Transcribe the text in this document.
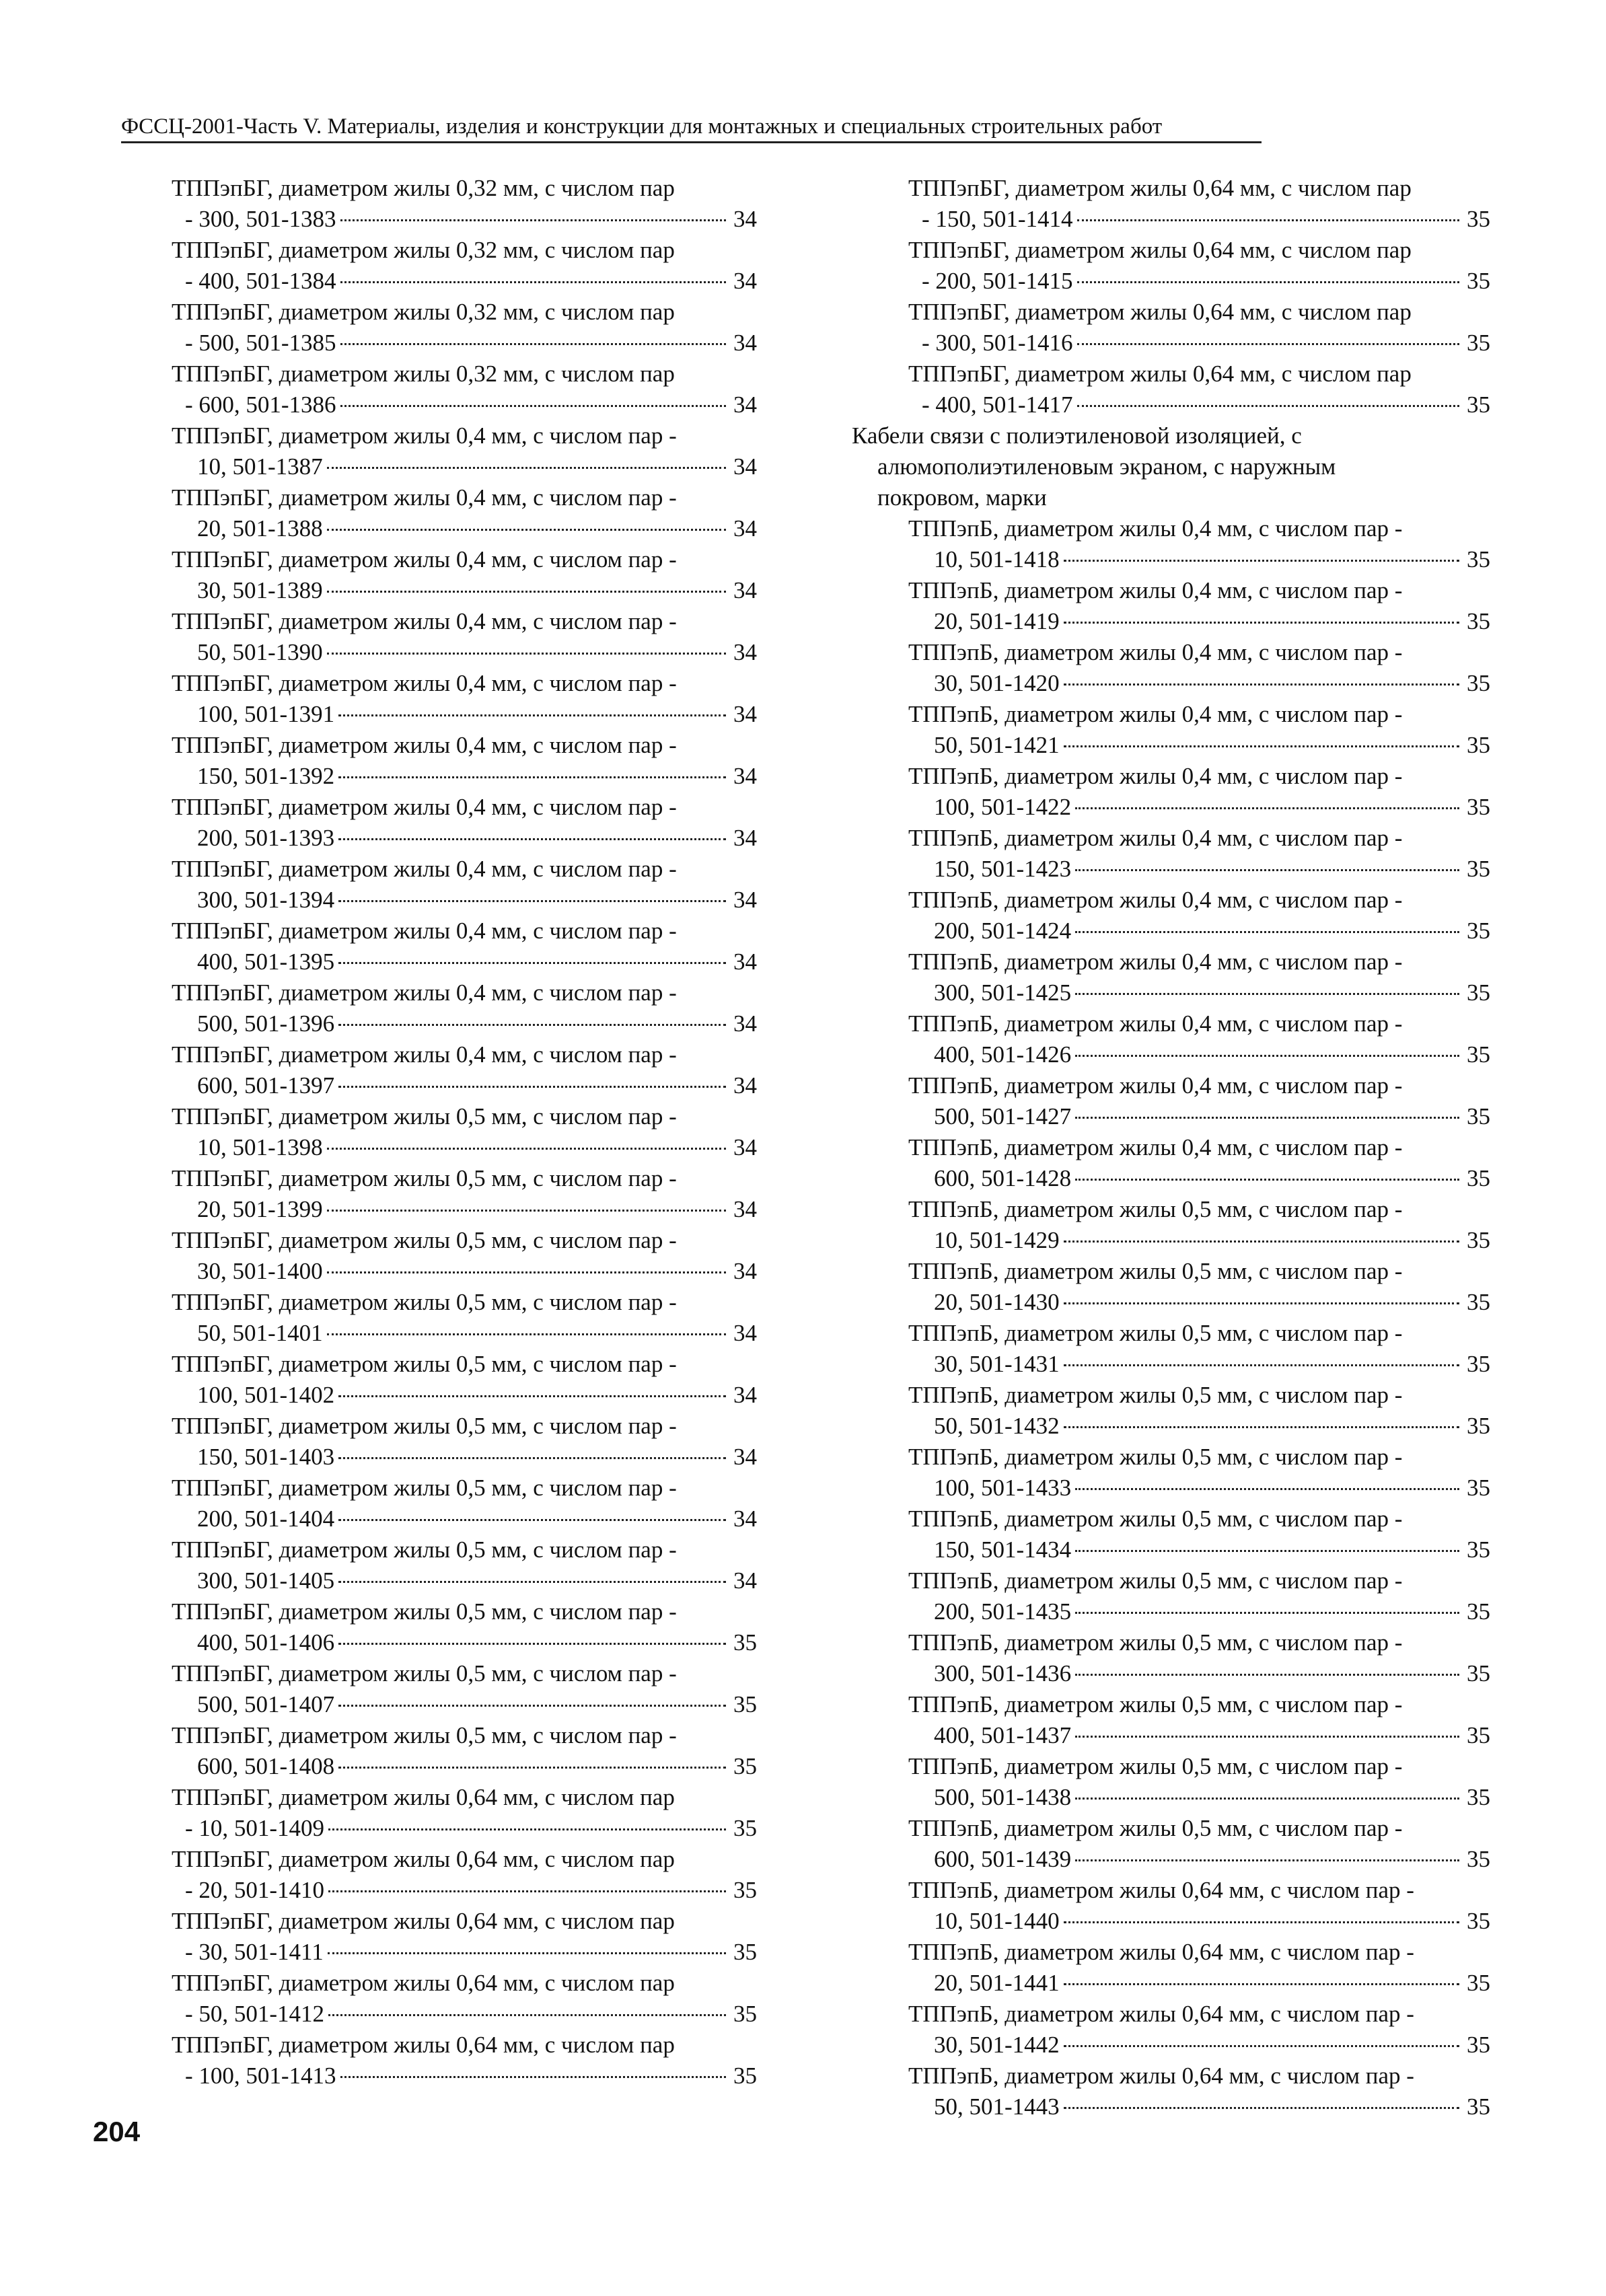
ФССЦ-2001-Часть V. Материалы, изделия и конструкции для монтажных и специальных строительных работ
ТППэпБГ, диаметром жилы 0,32 мм, с числом пар
- 300, 501-1383	34
ТППэпБГ, диаметром жилы 0,32 мм, с числом пар
- 400, 501-1384	34
ТППэпБГ, диаметром жилы 0,32 мм, с числом пар
- 500, 501-1385	34
ТППэпБГ, диаметром жилы 0,32 мм, с числом пар
- 600, 501-1386	34
ТППэпБГ, диаметром жилы 0,4 мм, с числом пар -
10, 501-1387	34
ТППэпБГ, диаметром жилы 0,4 мм, с числом пар -
20, 501-1388	34
ТППэпБГ, диаметром жилы 0,4 мм, с числом пар -
30, 501-1389	34
ТППэпБГ, диаметром жилы 0,4 мм, с числом пар -
50, 501-1390	34
ТППэпБГ, диаметром жилы 0,4 мм, с числом пар -
100, 501-1391	34
ТППэпБГ, диаметром жилы 0,4 мм, с числом пар -
150, 501-1392	34
ТППэпБГ, диаметром жилы 0,4 мм, с числом пар -
200, 501-1393	34
ТППэпБГ, диаметром жилы 0,4 мм, с числом пар -
300, 501-1394	34
ТППэпБГ, диаметром жилы 0,4 мм, с числом пар -
400, 501-1395	34
ТППэпБГ, диаметром жилы 0,4 мм, с числом пар -
500, 501-1396	34
ТППэпБГ, диаметром жилы 0,4 мм, с числом пар -
600, 501-1397	34
ТППэпБГ, диаметром жилы 0,5 мм, с числом пар -
10, 501-1398	34
ТППэпБГ, диаметром жилы 0,5 мм, с числом пар -
20, 501-1399	34
ТППэпБГ, диаметром жилы 0,5 мм, с числом пар -
30, 501-1400	34
ТППэпБГ, диаметром жилы 0,5 мм, с числом пар -
50, 501-1401	34
ТППэпБГ, диаметром жилы 0,5 мм, с числом пар -
100, 501-1402	34
ТППэпБГ, диаметром жилы 0,5 мм, с числом пар -
150, 501-1403	34
ТППэпБГ, диаметром жилы 0,5 мм, с числом пар -
200, 501-1404	34
ТППэпБГ, диаметром жилы 0,5 мм, с числом пар -
300, 501-1405	34
ТППэпБГ, диаметром жилы 0,5 мм, с числом пар -
400, 501-1406	35
ТППэпБГ, диаметром жилы 0,5 мм, с числом пар -
500, 501-1407	35
ТППэпБГ, диаметром жилы 0,5 мм, с числом пар -
600, 501-1408	35
ТППэпБГ, диаметром жилы 0,64 мм, с числом пар
- 10, 501-1409	35
ТППэпБГ, диаметром жилы 0,64 мм, с числом пар
- 20, 501-1410	35
ТППэпБГ, диаметром жилы 0,64 мм, с числом пар
- 30, 501-1411	35
ТППэпБГ, диаметром жилы 0,64 мм, с числом пар
- 50, 501-1412	35
ТППэпБГ, диаметром жилы 0,64 мм, с числом пар
- 100, 501-1413	35
ТППэпБГ, диаметром жилы 0,64 мм, с числом пар
- 150, 501-1414	35
ТППэпБГ, диаметром жилы 0,64 мм, с числом пар
- 200, 501-1415	35
ТППэпБГ, диаметром жилы 0,64 мм, с числом пар
- 300, 501-1416	35
ТППэпБГ, диаметром жилы 0,64 мм, с числом пар
- 400, 501-1417	35
Кабели связи с полиэтиленовой изоляцией, с
алюмополиэтиленовым экраном, с наружным
покровом, марки
ТППэпБ, диаметром жилы 0,4 мм, с числом пар -
10, 501-1418	35
ТППэпБ, диаметром жилы 0,4 мм, с числом пар -
20, 501-1419	35
ТППэпБ, диаметром жилы 0,4 мм, с числом пар -
30, 501-1420	35
ТППэпБ, диаметром жилы 0,4 мм, с числом пар -
50, 501-1421	35
ТППэпБ, диаметром жилы 0,4 мм, с числом пар -
100, 501-1422	35
ТППэпБ, диаметром жилы 0,4 мм, с числом пар -
150, 501-1423	35
ТППэпБ, диаметром жилы 0,4 мм, с числом пар -
200, 501-1424	35
ТППэпБ, диаметром жилы 0,4 мм, с числом пар -
300, 501-1425	35
ТППэпБ, диаметром жилы 0,4 мм, с числом пар -
400, 501-1426	35
ТППэпБ, диаметром жилы 0,4 мм, с числом пар -
500, 501-1427	35
ТППэпБ, диаметром жилы 0,4 мм, с числом пар -
600, 501-1428	35
ТППэпБ, диаметром жилы 0,5 мм, с числом пар -
10, 501-1429	35
ТППэпБ, диаметром жилы 0,5 мм, с числом пар -
20, 501-1430	35
ТППэпБ, диаметром жилы 0,5 мм, с числом пар -
30, 501-1431	35
ТППэпБ, диаметром жилы 0,5 мм, с числом пар -
50, 501-1432	35
ТППэпБ, диаметром жилы 0,5 мм, с числом пар -
100, 501-1433	35
ТППэпБ, диаметром жилы 0,5 мм, с числом пар -
150, 501-1434	35
ТППэпБ, диаметром жилы 0,5 мм, с числом пар -
200, 501-1435	35
ТППэпБ, диаметром жилы 0,5 мм, с числом пар -
300, 501-1436	35
ТППэпБ, диаметром жилы 0,5 мм, с числом пар -
400, 501-1437	35
ТППэпБ, диаметром жилы 0,5 мм, с числом пар -
500, 501-1438	35
ТППэпБ, диаметром жилы 0,5 мм, с числом пар -
600, 501-1439	35
ТППэпБ, диаметром жилы 0,64 мм, с числом пар -
10, 501-1440	35
ТППэпБ, диаметром жилы 0,64 мм, с числом пар -
20, 501-1441	35
ТППэпБ, диаметром жилы 0,64 мм, с числом пар -
30, 501-1442	35
ТППэпБ, диаметром жилы 0,64 мм, с числом пар -
50, 501-1443	35
204
